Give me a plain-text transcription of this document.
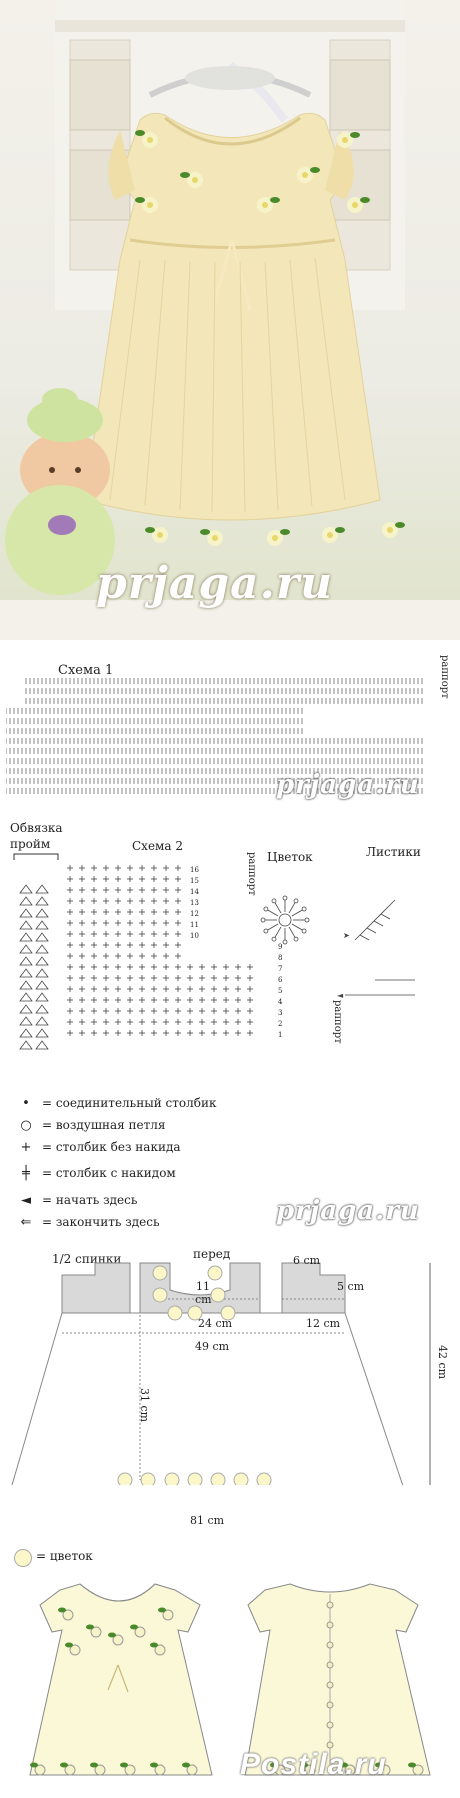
prjaga.ru
Схема 1	раппорт
prjaga.ru
Обвязка
пройм	Схема 2
Цветок	Листики
раппорт
раппорт
16
15
14
13
12
11
10
9
8
7
6
5
4
3
2
1
➤
◄
•	= соединительный столбик
○ = воздушная петля
+ = столбик без накида
╪	= столбик с накидом
◄ = начать здесь
⇐ = закончить здесь	prjaga.ru
1/2 спинки	перед	6 cm
5 cm
11
cm
24 cm	12 cm
49 cm
31 cm
42 cm
81 cm
= цветок
Postila.ru
